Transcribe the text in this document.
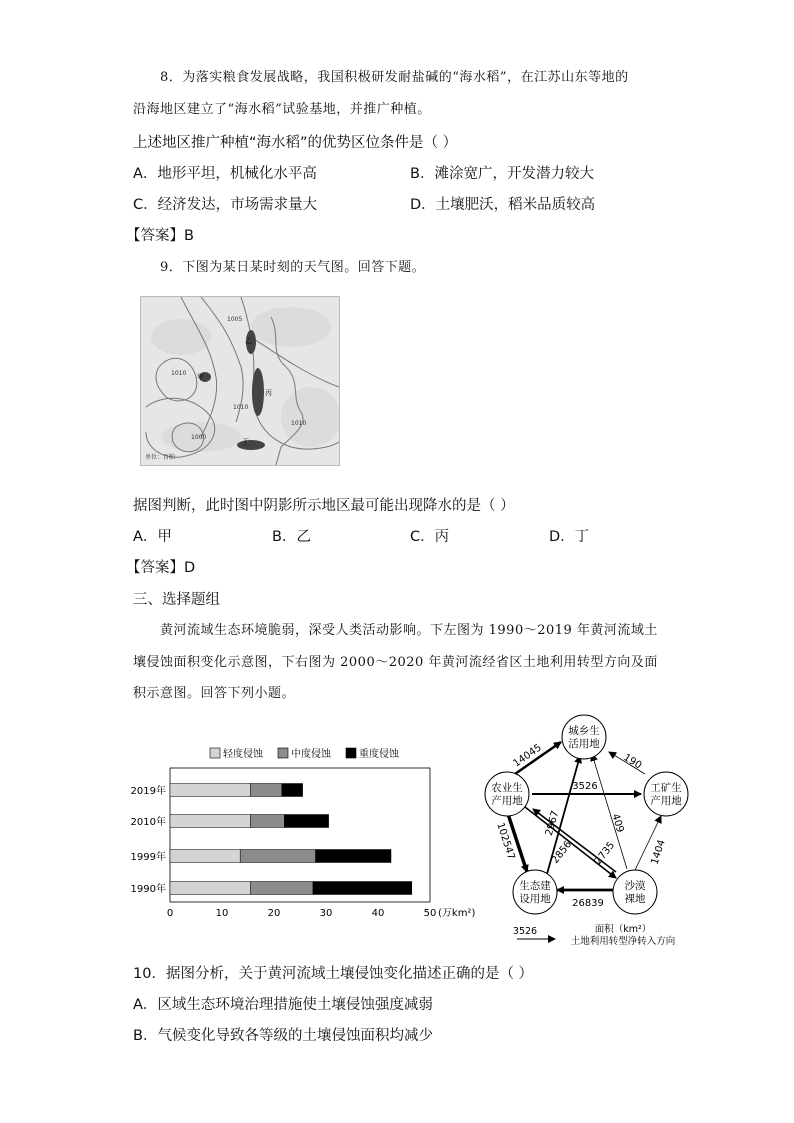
8．为落实粮食发展战略，我国积极研发耐盐碱的“海水稻”，在江苏山东等地的
沿海地区建立了“海水稻”试验基地，并推广种植。
上述地区推广种植“海水稻”的优势区位条件是（ ）
A．地形平坦，机械化水平高	B．滩涂宽广，开发潜力较大
C．经济发达，市场需求量大	D．土壤肥沃，稻米品质较高
【答案】B
9．下图为某日某时刻的天气图。回答下题。
1005
1010
1010
1010
1000
甲
乙
丙
丁
单位：百帕
据图判断，此时图中阴影所示地区最可能出现降水的是（ ）
A．甲	B．乙	C．丙	D．丁
【答案】D
三、选择题组
黄河流域生态环境脆弱，深受人类活动影响。下左图为 1990～2019 年黄河流域土
壤侵蚀面积变化示意图，下右图为 2000～2020 年黄河流经省区土地利用转型方向及面
积示意图。回答下列小题。
轻度侵蚀	中度侵蚀	重度侵蚀
2019年
2010年
1999年
1990年
0	10	20	30	40	50 (万km²)
城乡生
活用地
工矿生
产用地
农业生
产用地
生态建
设用地
沙漠
裸地
14045	190
3526
409
2967
102547	2856 2735	1404
26839
3526	面积（km²）
土地利用转型净转入方向
10．据图分析，关于黄河流域土壤侵蚀变化描述正确的是（ ）
A．区域生态环境治理措施使土壤侵蚀强度减弱
B．气候变化导致各等级的土壤侵蚀面积均减少
